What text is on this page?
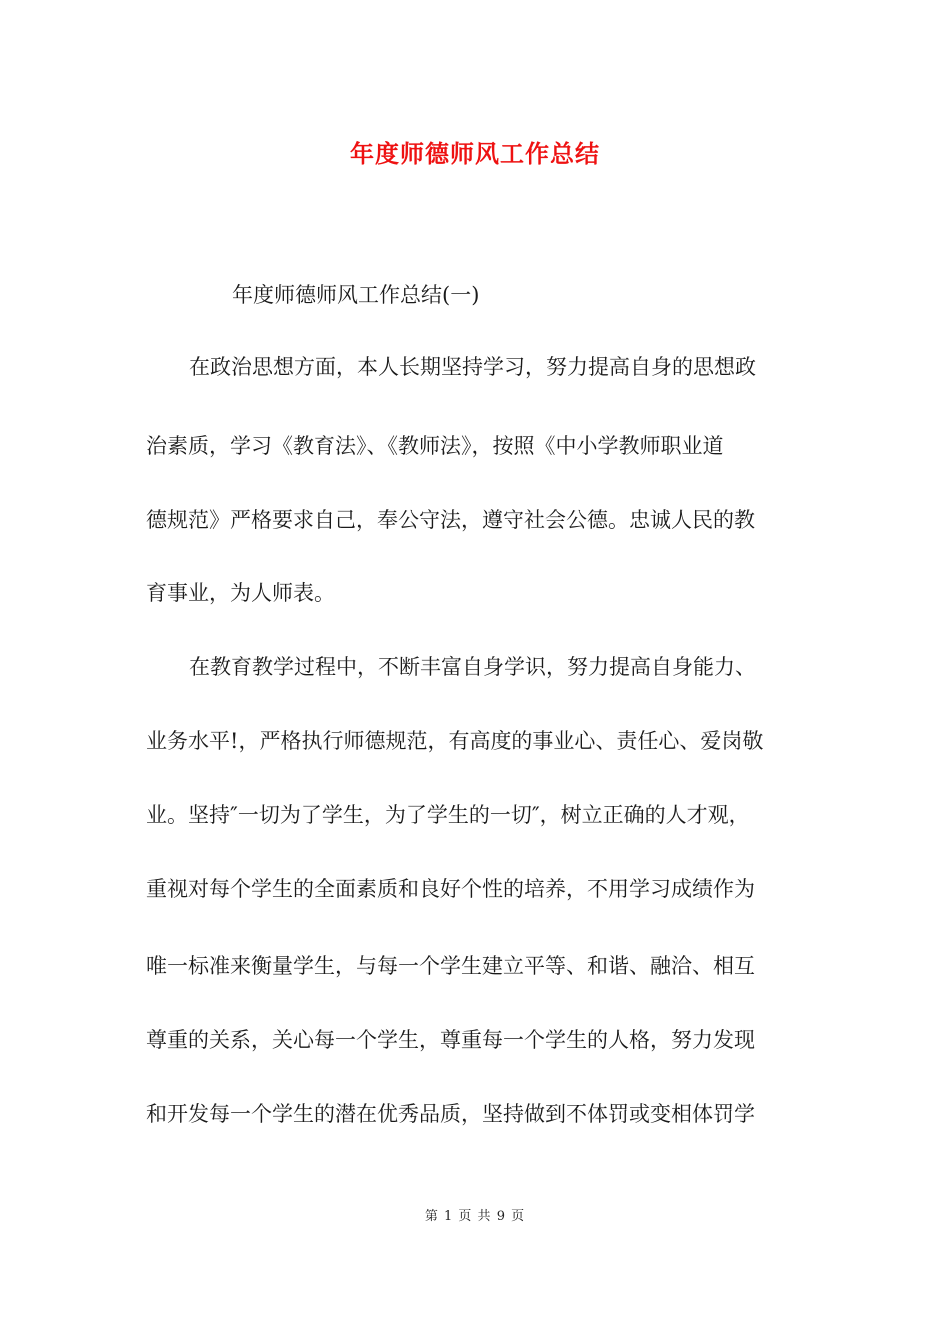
年度师德师风工作总结
年度师德师风工作总结(一)
在政治思想方面，本人长期坚持学习，努力提高自身的思想政
治素质，学习《教育法》、《教师法》，按照《中小学教师职业道
德规范》严格要求自己，奉公守法，遵守社会公德。忠诚人民的教
育事业，为人师表。
在教育教学过程中，不断丰富自身学识，努力提高自身能力、
业务水平!，严格执行师德规范，有高度的事业心、责任心、爱岗敬
业。坚持″一切为了学生，为了学生的一切″，树立正确的人才观，
重视对每个学生的全面素质和良好个性的培养，不用学习成绩作为
唯一标准来衡量学生，与每一个学生建立平等、和谐、融洽、相互
尊重的关系，关心每一个学生，尊重每一个学生的人格，努力发现
和开发每一个学生的潜在优秀品质，坚持做到不体罚或变相体罚学
第 1 页 共 9 页
